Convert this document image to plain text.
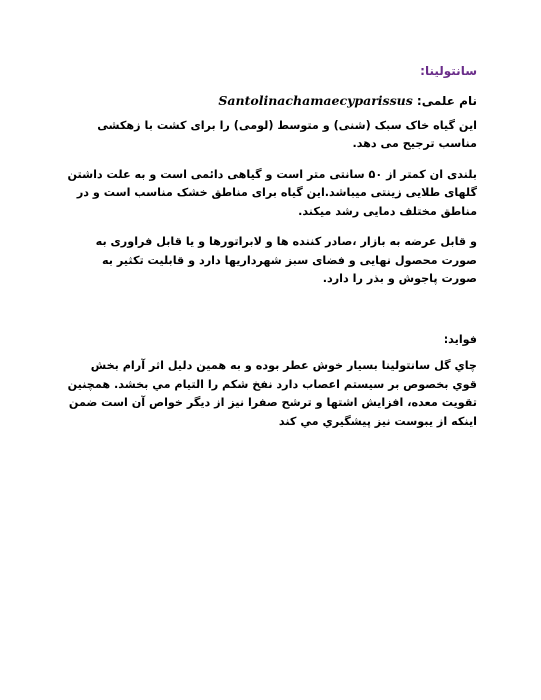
سانتولینا:
نام علمی: Santolinachamaecyparissus

این گیاه خاک سبک (شنی) و متوسط (لومی) را برای کشت با زهکشی مناسب ترجیح می دهد.

بلندی ان کمتر از ۵۰ سانتی متر است و گیاهی دائمی است و به علت داشتن گلهای طلایی زینتی میباشد.این گیاه برای مناطق خشک مناسب است و در مناطق مختلف دمایی رشد میکند.

و قابل عرضه به بازار ،صادر کننده ها و لابراتورها و یا قابل فراوری به صورت محصول نهایی و فضای سبز شهرداریها دارد و قابلیت تکثیر به صورت پاجوش و بذر را دارد.

فواید:

چاي گل سانتولینا بسیار خوش عطر بوده و به همین دلیل اثر آرام بخش قوي بخصوص بر سیستم اعصاب دارد نفخ شکم را التیام مي بخشد. همچنین تقویت معده، افزایش اشتها و ترشح صفرا نیز از دیگر خواص آن است ضمن اینکه از یبوست نیز پیشگیري مي کند
